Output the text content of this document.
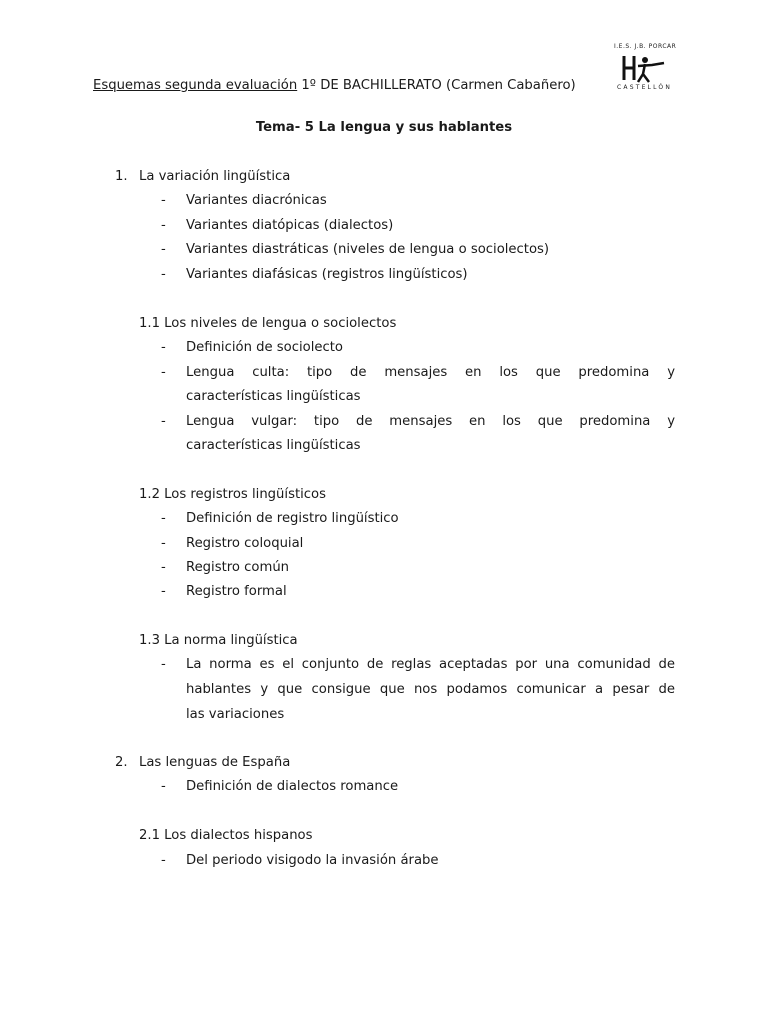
I.E.S. J.B. PORCAR
CASTELLÓN
Esquemas segunda evaluación 1º DE BACHILLERATO (Carmen Cabañero)
Tema- 5 La lengua y sus hablantes
1. La variación lingüística
- Variantes diacrónicas
- Variantes diatópicas (dialectos)
- Variantes diastráticas (niveles de lengua o sociolectos)
- Variantes diafásicas (registros lingüísticos)
1.1 Los niveles de lengua o sociolectos
- Definición de sociolecto
- Lengua culta: tipo de mensajes en los que predomina y
características lingüísticas
- Lengua vulgar: tipo de mensajes en los que predomina y
características lingüísticas
1.2 Los registros lingüísticos
- Definición de registro lingüístico
- Registro coloquial
- Registro común
- Registro formal
1.3 La norma lingüística
- La norma es el conjunto de reglas aceptadas por una comunidad de
hablantes y que consigue que nos podamos comunicar a pesar de
las variaciones
2. Las lenguas de España
- Definición de dialectos romance
2.1 Los dialectos hispanos
- Del periodo visigodo la invasión árabe
